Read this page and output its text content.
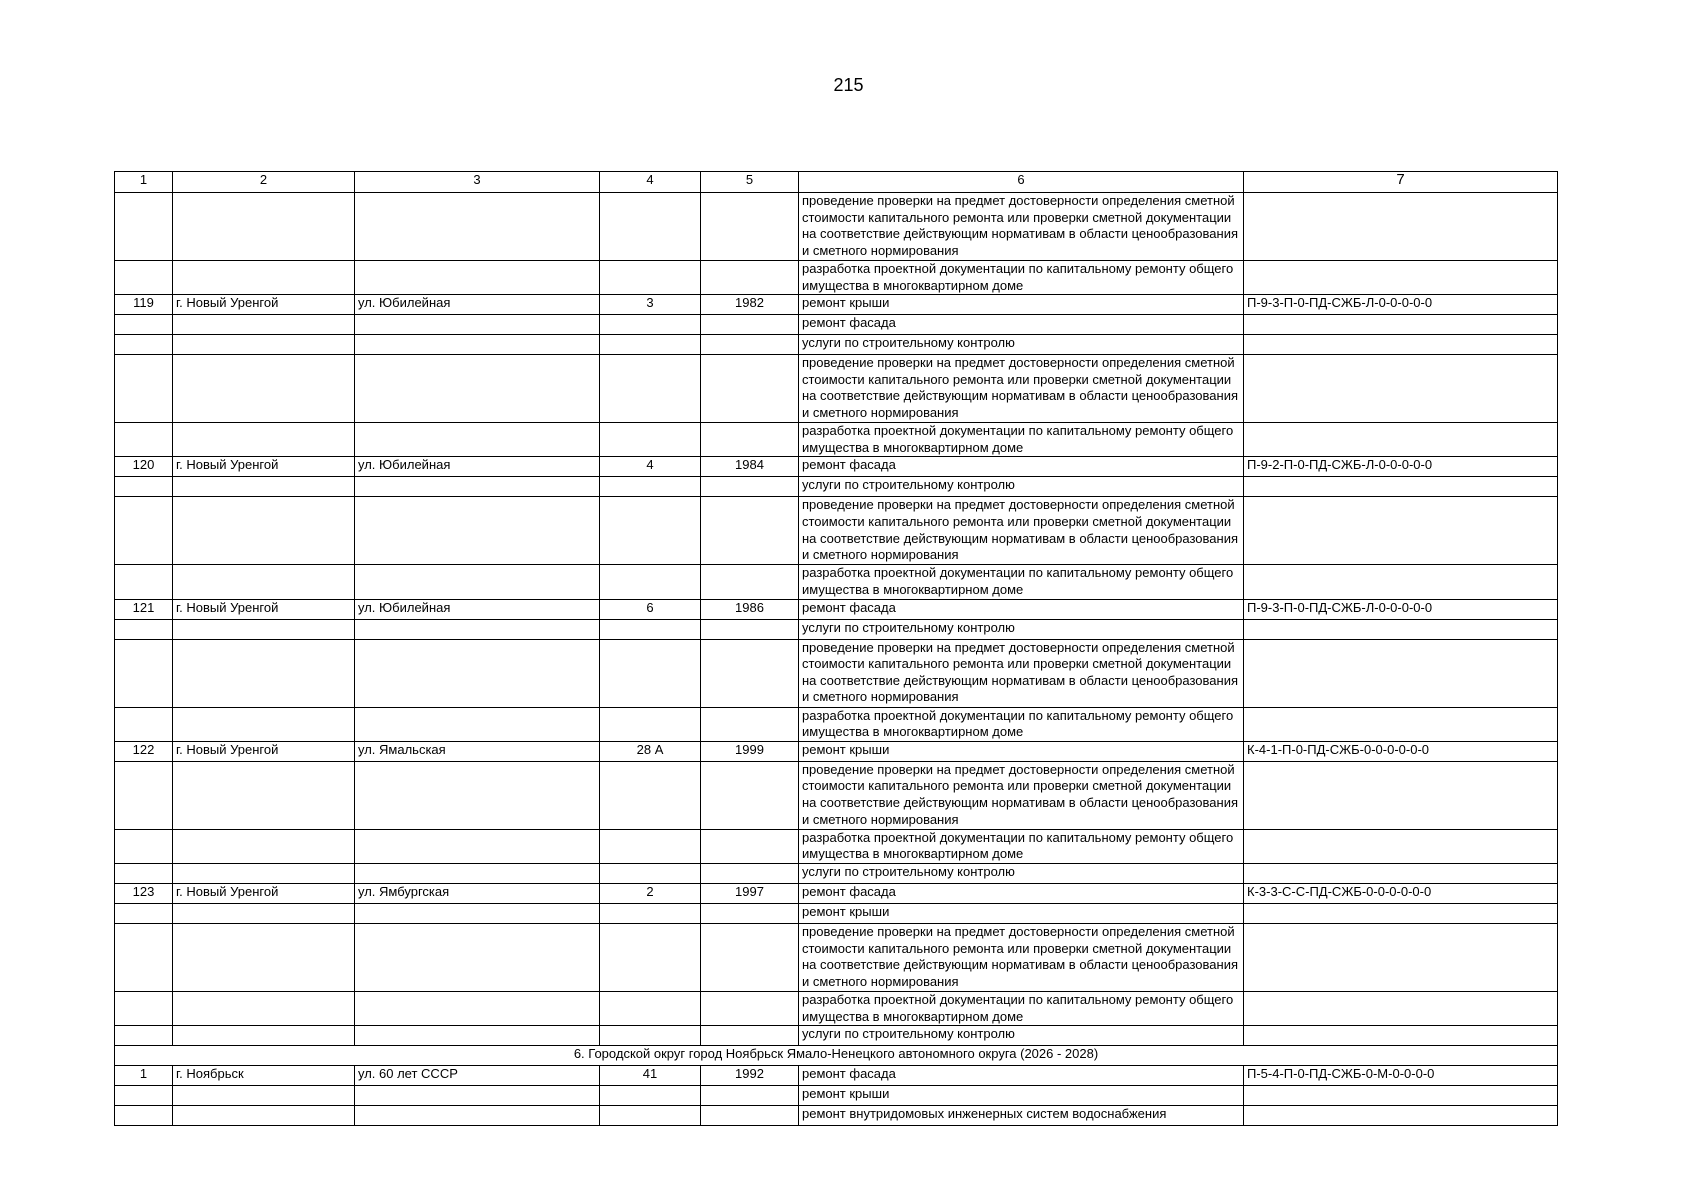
215
1	2	3	4	5	6	7
					проведение проверки на предмет достоверности определения сметной стоимости капитального ремонта или проверки сметной документации на соответствие действующим нормативам в области ценообразования и сметного нормирования	
					разработка проектной документации по капитальному ремонту общего имущества в многоквартирном доме	
119	г. Новый Уренгой	ул. Юбилейная	3	1982	ремонт крыши	П-9-3-П-0-ПД-СЖБ-Л-0-0-0-0-0
					ремонт фасада	
					услуги по строительному контролю	
					проведение проверки на предмет достоверности определения сметной стоимости капитального ремонта или проверки сметной документации на соответствие действующим нормативам в области ценообразования и сметного нормирования	
					разработка проектной документации по капитальному ремонту общего имущества в многоквартирном доме	
120	г. Новый Уренгой	ул. Юбилейная	4	1984	ремонт фасада	П-9-2-П-0-ПД-СЖБ-Л-0-0-0-0-0
					услуги по строительному контролю	
					проведение проверки на предмет достоверности определения сметной стоимости капитального ремонта или проверки сметной документации на соответствие действующим нормативам в области ценообразования и сметного нормирования	
					разработка проектной документации по капитальному ремонту общего имущества в многоквартирном доме	
121	г. Новый Уренгой	ул. Юбилейная	6	1986	ремонт фасада	П-9-3-П-0-ПД-СЖБ-Л-0-0-0-0-0
					услуги по строительному контролю	
					проведение проверки на предмет достоверности определения сметной стоимости капитального ремонта или проверки сметной документации на соответствие действующим нормативам в области ценообразования и сметного нормирования	
					разработка проектной документации по капитальному ремонту общего имущества в многоквартирном доме	
122	г. Новый Уренгой	ул. Ямальская	28 А	1999	ремонт крыши	К-4-1-П-0-ПД-СЖБ-0-0-0-0-0-0
					проведение проверки на предмет достоверности определения сметной стоимости капитального ремонта или проверки сметной документации на соответствие действующим нормативам в области ценообразования и сметного нормирования	
					разработка проектной документации по капитальному ремонту общего имущества в многоквартирном доме	
					услуги по строительному контролю	
123	г. Новый Уренгой	ул. Ямбургская	2	1997	ремонт фасада	К-3-3-С-С-ПД-СЖБ-0-0-0-0-0-0
					ремонт крыши	
					проведение проверки на предмет достоверности определения сметной стоимости капитального ремонта или проверки сметной документации на соответствие действующим нормативам в области ценообразования и сметного нормирования	
					разработка проектной документации по капитальному ремонту общего имущества в многоквартирном доме	
					услуги по строительному контролю	
6. Городской округ город Ноябрьск Ямало-Ненецкого автономного округа (2026 - 2028)						
1	г. Ноябрьск	ул. 60 лет СССР	41	1992	ремонт фасада	П-5-4-П-0-ПД-СЖБ-0-М-0-0-0-0
					ремонт крыши	
					ремонт внутридомовых инженерных систем водоснабжения	
